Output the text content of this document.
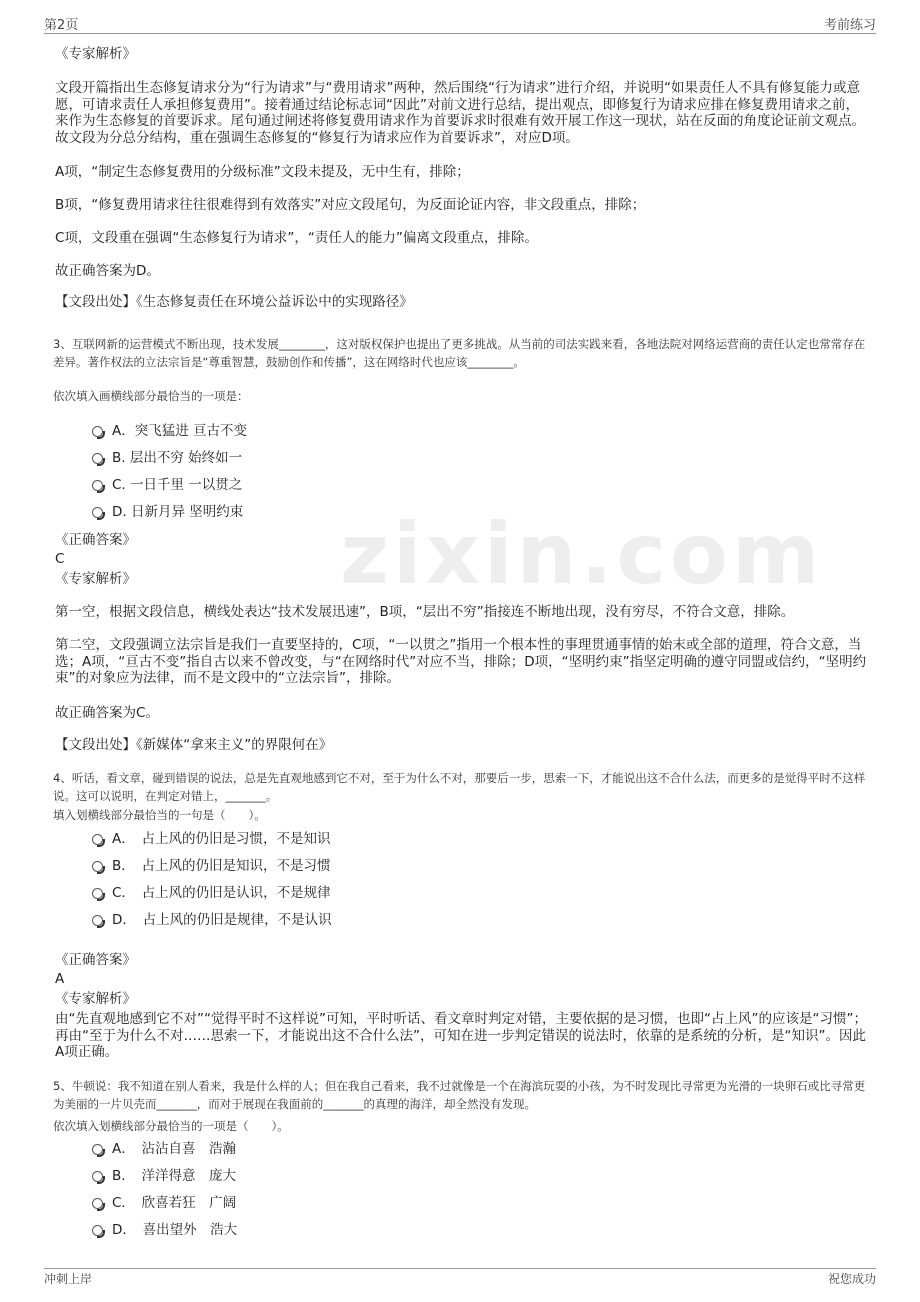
第2页	考前练习
zixin.com
《专家解析》
文段开篇指出生态修复请求分为“行为请求”与“费用请求”两种，然后围绕“行为请求”进行介绍，并说明“如果责任人不具有修复能力或意愿，可请求责任人承担修复费用”。接着通过结论标志词“因此”对前文进行总结，提出观点，即修复行为请求应排在修复费用请求之前，来作为生态修复的首要诉求。尾句通过闸述将修复费用请求作为首要诉求时很难有效开展工作这一现状，站在反面的角度论证前文观点。故文段为分总分结构，重在强调生态修复的“修复行为请求应作为首要诉求”，对应D项。
A项，“制定生态修复费用的分级标准”文段未提及，无中生有，排除；
B项，“修复费用请求往往很难得到有效落实”对应文段尾句，为反面论证内容，非文段重点，排除；
C项，文段重在强调“生态修复行为请求”，“责任人的能力”偏离文段重点，排除。
故正确答案为D。
【文段出处】《生态修复责任在环境公益诉讼中的实现路径》
3、互联网新的运营模式不断出现，技术发展________，这对版权保护也提出了更多挑战。从当前的司法实践来看，各地法院对网络运营商的责任认定也常常存在差异。著作权法的立法宗旨是“尊重智慧，鼓励创作和传播”，这在网络时代也应该________。
依次填入画横线部分最恰当的一项是：
A．突飞猛进 亘古不变
B. 层出不穷 始终如一
C. 一日千里 一以贯之
D. 日新月异 坚明约束
《正确答案》
C
《专家解析》
第一空，根据文段信息，横线处表达“技术发展迅速”，B项，“层出不穷”指接连不断地出现，没有穷尽，不符合文意，排除。
第二空，文段强调立法宗旨是我们一直要坚持的，C项，“一以贯之”指用一个根本性的事理贯通事情的始末或全部的道理，符合文意，当选；A项，“亘古不变”指自古以来不曾改变，与“在网络时代”对应不当，排除；D项，“坚明约束”指坚定明确的遵守同盟或信约，“坚明约束”的对象应为法律，而不是文段中的“立法宗旨”，排除。
故正确答案为C。
【文段出处】《新媒体“拿来主义”的界限何在》
4、听话，看文章，碰到错误的说法，总是先直观地感到它不对，至于为什么不对，那要后一步，思索一下，才能说出这不合什么法，而更多的是觉得平时不这样说。这可以说明，在判定对错上，_______。
填入划横线部分最恰当的一句是（　　）。
A．　占上风的仍旧是习惯，不是知识
B．　占上风的仍旧是知识，不是习惯
C．　占上风的仍旧是认识，不是规律
D．　占上风的仍旧是规律，不是认识
《正确答案》
A
《专家解析》
由“先直观地感到它不对”“觉得平时不这样说”可知，平时听话、看文章时判定对错，主要依据的是习惯，也即“占上风”的应该是“习惯”；再由“至于为什么不对……思索一下，才能说出这不合什么法”，可知在进一步判定错误的说法时，依靠的是系统的分析，是“知识”。因此A项正确。
5、牛顿说：我不知道在别人看来，我是什么样的人；但在我自己看来，我不过就像是一个在海滨玩耍的小孩，为不时发现比寻常更为光滑的一块卵石或比寻常更为美丽的一片贝壳而_______，而对于展现在我面前的_______的真理的海洋，却全然没有发现。
依次填入划横线部分最恰当的一项是（　　）。
A．　沾沾自喜　浩瀚
B．　洋洋得意　庞大
C．　欣喜若狂　广阔
D．　喜出望外　浩大
冲刺上岸	祝您成功
